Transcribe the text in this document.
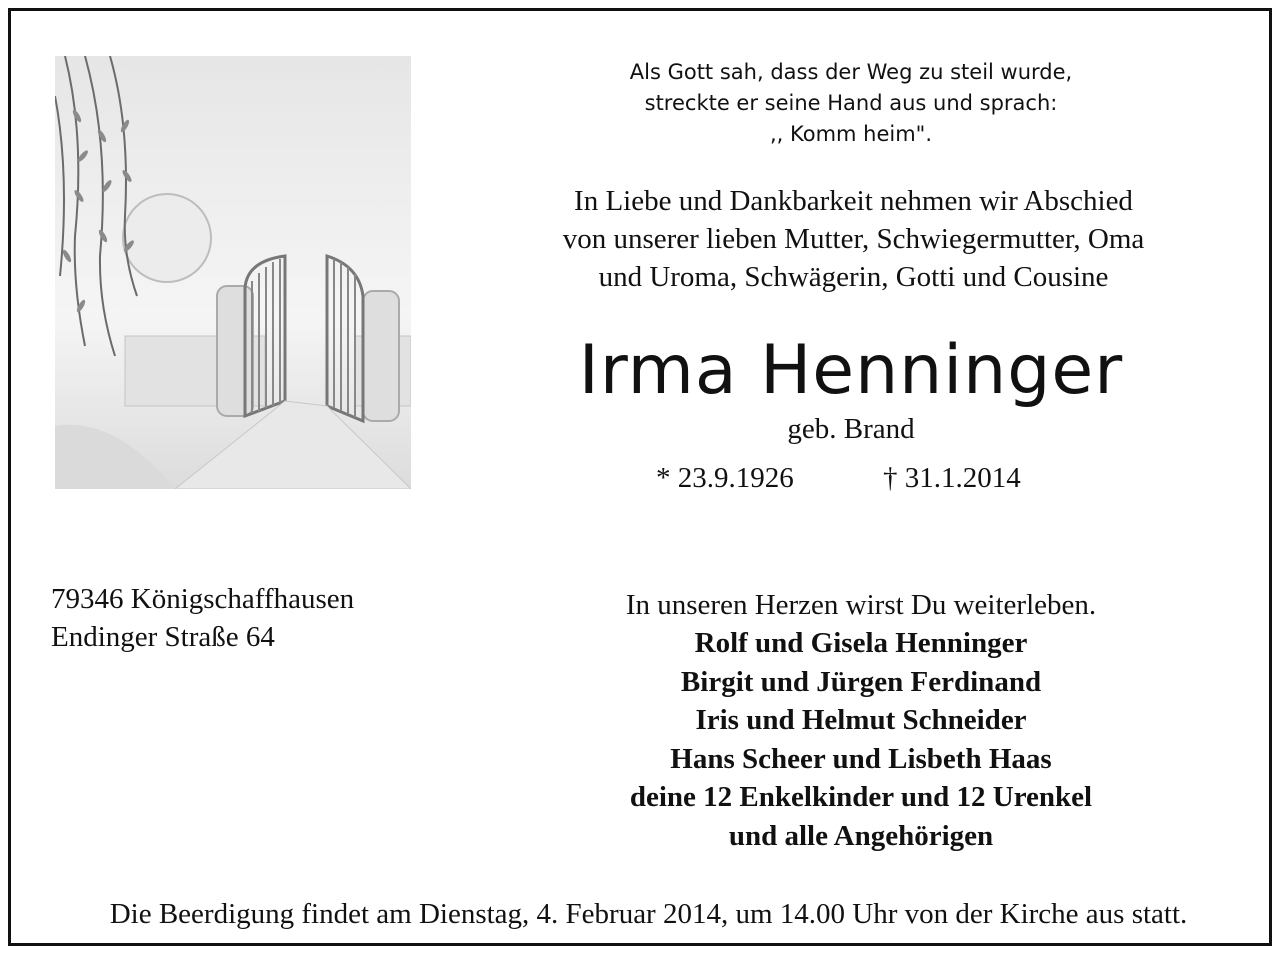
Als Gott sah, dass der Weg zu steil wurde,
streckte er seine Hand aus und sprach:
,, Komm heim".
In Liebe und Dankbarkeit nehmen wir Abschied
von unserer lieben Mutter, Schwiegermutter, Oma
und Uroma, Schwägerin, Gotti und Cousine
Irma Henninger
geb. Brand
* 23.9.1926	† 31.1.2014
79346 Königschaffhausen
Endinger Straße 64
In unseren Herzen wirst Du weiterleben.
Rolf und Gisela Henninger
Birgit und Jürgen Ferdinand
Iris und Helmut Schneider
Hans Scheer und Lisbeth Haas
deine 12 Enkelkinder und 12 Urenkel
und alle Angehörigen
Die Beerdigung findet am Dienstag, 4. Februar 2014, um 14.00 Uhr von der Kirche aus statt.
